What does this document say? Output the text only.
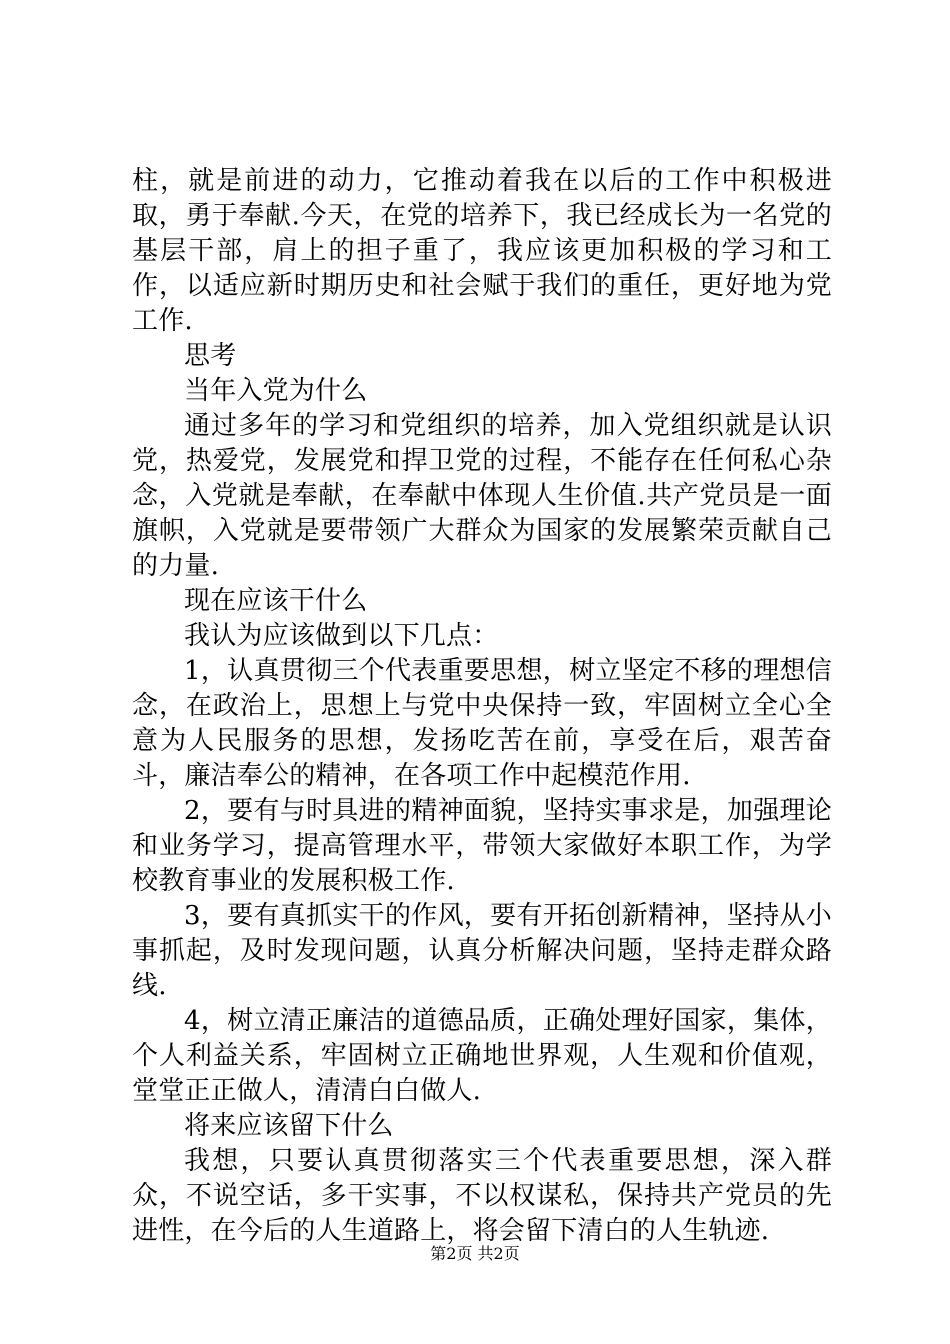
柱，就是前进的动力，它推动着我在以后的工作中积极进取，勇于奉献.今天，在党的培养下，我已经成长为一名党的基层干部，肩上的担子重了，我应该更加积极的学习和工作，以适应新时期历史和社会赋于我们的重任，更好地为党工作.

思考

当年入党为什么

通过多年的学习和党组织的培养，加入党组织就是认识党，热爱党，发展党和捍卫党的过程，不能存在任何私心杂念，入党就是奉献，在奉献中体现人生价值.共产党员是一面旗帜，入党就是要带领广大群众为国家的发展繁荣贡献自己的力量.

现在应该干什么

我认为应该做到以下几点：

1，认真贯彻三个代表重要思想，树立坚定不移的理想信念，在政治上，思想上与党中央保持一致，牢固树立全心全意为人民服务的思想，发扬吃苦在前，享受在后，艰苦奋斗，廉洁奉公的精神，在各项工作中起模范作用.

2，要有与时具进的精神面貌，坚持实事求是，加强理论和业务学习，提高管理水平，带领大家做好本职工作，为学校教育事业的发展积极工作.

3，要有真抓实干的作风，要有开拓创新精神，坚持从小事抓起，及时发现问题，认真分析解决问题，坚持走群众路线.

4，树立清正廉洁的道德品质，正确处理好国家，集体，个人利益关系，牢固树立正确地世界观，人生观和价值观，堂堂正正做人，清清白白做人.

将来应该留下什么

我想，只要认真贯彻落实三个代表重要思想，深入群众，不说空话，多干实事，不以权谋私，保持共产党员的先进性，在今后的人生道路上，将会留下清白的人生轨迹.

第2页 共2页
